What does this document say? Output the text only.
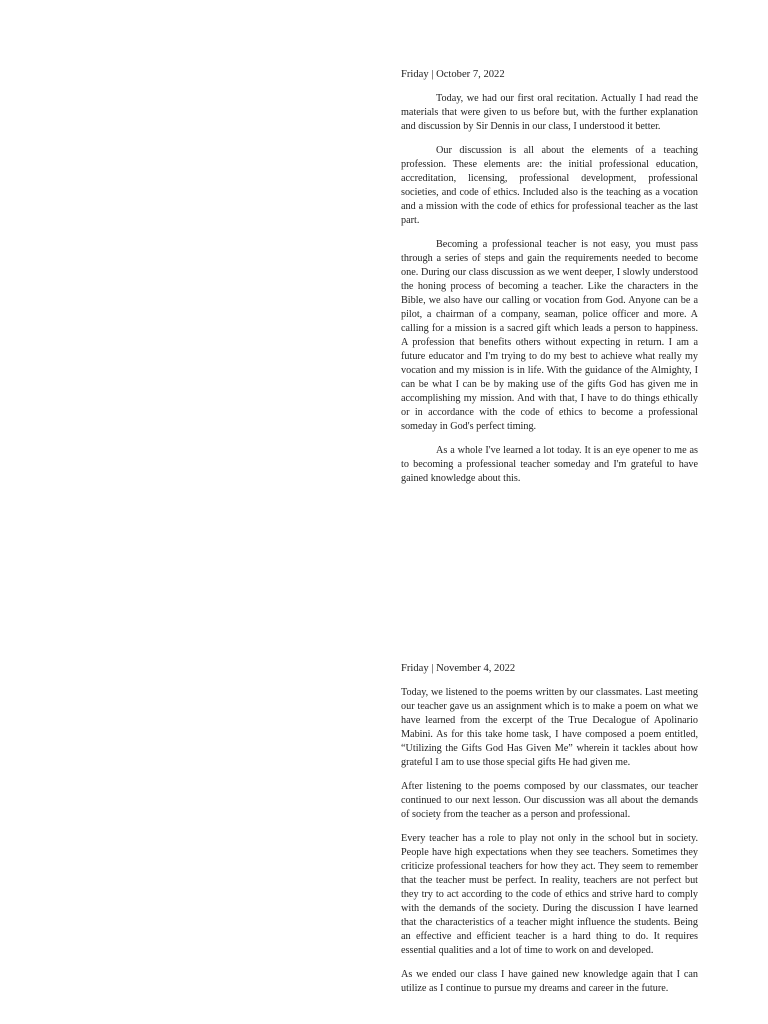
Friday | October 7, 2022

Today, we had our first oral recitation. Actually I had read the materials that were given to us before but, with the further explanation and discussion by Sir Dennis in our class, I understood it better.

Our discussion is all about the elements of a teaching profession. These elements are: the initial professional education, accreditation, licensing, professional development, professional societies, and code of ethics. Included also is the teaching as a vocation and a mission with the code of ethics for professional teacher as the last part.

Becoming a professional teacher is not easy, you must pass through a series of steps and gain the requirements needed to become one. During our class discussion as we went deeper, I slowly understood the honing process of becoming a teacher. Like the characters in the Bible, we also have our calling or vocation from God. Anyone can be a pilot, a chairman of a company, seaman, police officer and more. A calling for a mission is a sacred gift which leads a person to happiness. A profession that benefits others without expecting in return. I am a future educator and I'm trying to do my best to achieve what really my vocation and my mission is in life. With the guidance of the Almighty, I can be what I can be by making use of the gifts God has given me in accomplishing my mission. And with that, I have to do things ethically or in accordance with the code of ethics to become a professional someday in God's perfect timing.

As a whole I've learned a lot today. It is an eye opener to me as to becoming a professional teacher someday and I'm grateful to have gained knowledge about this.

Friday | November 4, 2022

Today, we listened to the poems written by our classmates. Last meeting our teacher gave us an assignment which is to make a poem on what we have learned from the excerpt of the True Decalogue of Apolinario Mabini. As for this take home task, I have composed a poem entitled, “Utilizing the Gifts God Has Given Me” wherein it tackles about how grateful I am to use those special gifts He had given me.

After listening to the poems composed by our classmates, our teacher continued to our next lesson. Our discussion was all about the demands of society from the teacher as a person and professional.

Every teacher has a role to play not only in the school but in society. People have high expectations when they see teachers. Sometimes they criticize professional teachers for how they act. They seem to remember that the teacher must be perfect. In reality, teachers are not perfect but they try to act according to the code of ethics and strive hard to comply with the demands of the society. During the discussion I have learned that the characteristics of a teacher might influence the students. Being an effective and efficient teacher is a hard thing to do. It requires essential qualities and a lot of time to work on and developed.

As we ended our class I have gained new knowledge again that I can utilize as I continue to pursue my dreams and career in the future.
